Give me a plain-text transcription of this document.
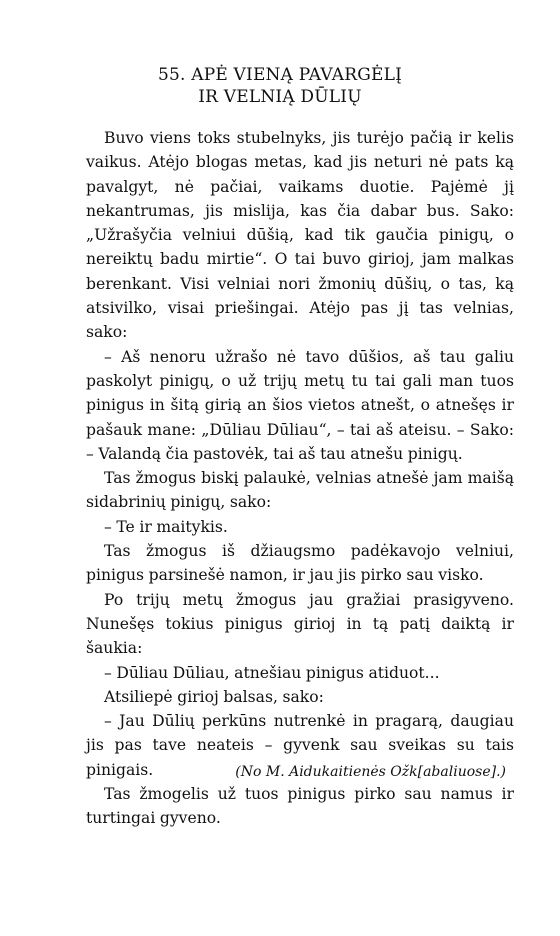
55. APĖ VIENĄ PAVARGĖLĮ
IR VELNIĄ DŪLIŲ

Buvo viens toks stubelnyks, jis turėjo pačią ir kelis vaikus. Atėjo blogas metas, kad jis neturi nė pats ką pavalgyt, nė pačiai, vaikams duotie. Pajėmė jį nekantrumas, jis mislija, kas čia dabar bus. Sako: „Užrašyčia velniui dūšią, kad tik gaučia pinigų, o nereiktų badu mirtie“. O tai buvo girioj, jam malkas berenkant. Visi velniai nori žmonių dūšių, o tas, ką atsivilko, visai priešingai. Atėjo pas jį tas velnias, sako:

– Aš nenoru užrašo nė tavo dūšios, aš tau galiu paskolyt pinigų, o už trijų metų tu tai gali man tuos pinigus in šitą girią an šios vietos atnešt, o atnešęs ir pašauk mane: „Dūliau Dūliau“, – tai aš ateisu. – Sako: – Valandą čia pastovėk, tai aš tau atnešu pinigų.

Tas žmogus biskį palaukė, velnias atnešė jam maišą sidabrinių pinigų, sako:

– Te ir maitykis.

Tas žmogus iš džiaugsmo padėkavojo velniui, pinigus parsinešė namon, ir jau jis pirko sau visko.

Po trijų metų žmogus jau gražiai prasigyveno. Nunešęs tokius pinigus girioj in tą patį daiktą ir šaukia:

– Dūliau Dūliau, atnešiau pinigus atiduot...

Atsiliepė girioj balsas, sako:

– Jau Dūlių perkūns nutrenkė in pragarą, daugiau jis pas tave neateis – gyvenk sau sveikas su tais pinigais.

Tas žmogelis už tuos pinigus pirko sau namus ir turtingai gyveno.

(No M. Aidukaitienės Ožk[abaliuose].)
